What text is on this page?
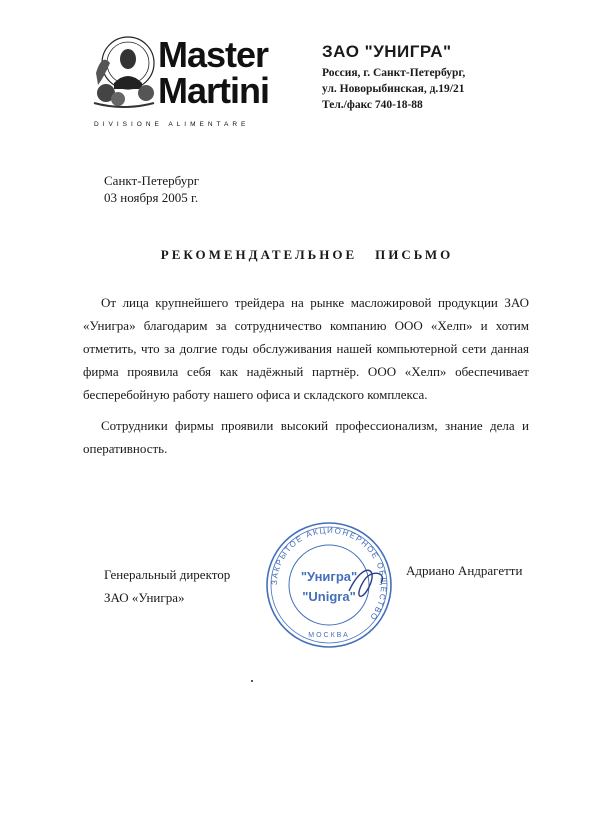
Master
Martini
DIVISIONE ALIMENTARE
ЗАО "УНИГРА"
Россия, г. Санкт-Петербург,
ул. Новорыбинская, д.19/21
Тел./факс 740-18-88
Санкт-Петербург
03 ноября 2005 г.
РЕКОМЕНДАТЕЛЬНОЕ ПИСЬМО

От лица крупнейшего трейдера на рынке масложировой продукции ЗАО «Унигра» благодарим за сотрудничество компанию ООО «Хелп» и хотим отметить, что за долгие годы обслуживания нашей компьютерной сети данная фирма проявила себя как надёжный партнёр. ООО «Хелп» обеспечивает бесперебойную работу нашего офиса и складского комплекса.

Сотрудники фирмы проявили высокий профессионализм, знание дела и оперативность.

Генеральный директор
ЗАО «Унигра»
Адриано Андрагетти
ЗАКРЫТОЕ АКЦИОНЕРНОЕ ОБЩЕСТВО
"Унигра"
"Unigra"
МОСКВА
